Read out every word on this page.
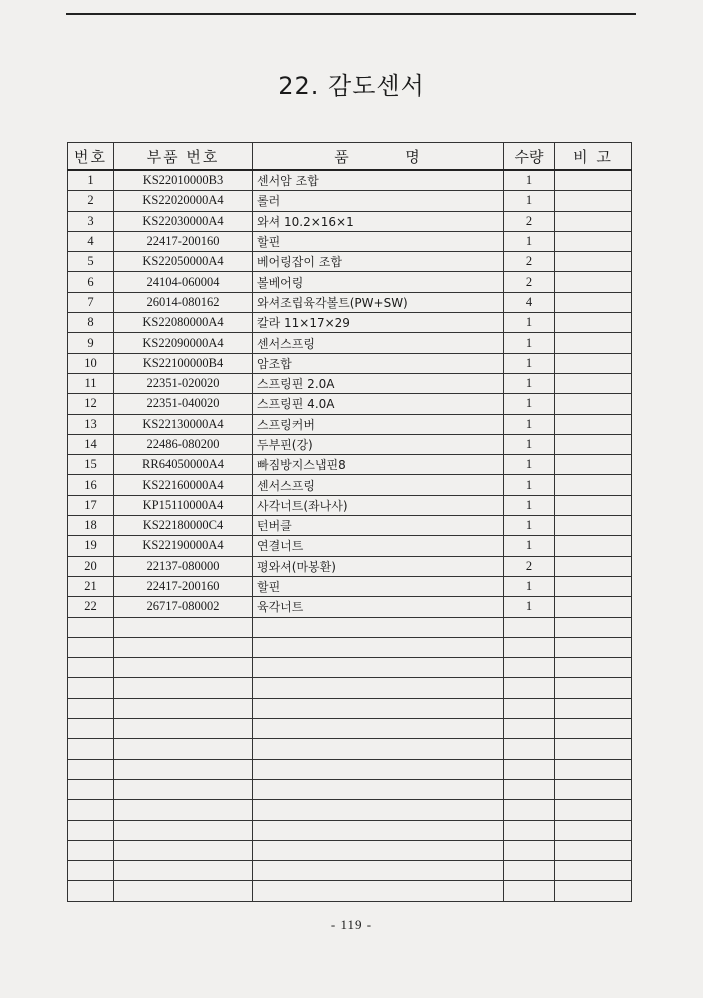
22. 감도센서
번호	부품 번호	품 명	수량	비 고
1	KS22010000B3	센서암 조합	1	
2	KS22020000A4	롤러	1	
3	KS22030000A4	와셔 10.2×16×1	2	
4	22417-200160	할핀	1	
5	KS22050000A4	베어링잡이 조합	2	
6	24104-060004	볼베어링	2	
7	26014-080162	와셔조립육각볼트(PW+SW)	4	
8	KS22080000A4	칼라 11×17×29	1	
9	KS22090000A4	센서스프링	1	
10	KS22100000B4	암조합	1	
11	22351-020020	스프링핀 2.0A	1	
12	22351-040020	스프링핀 4.0A	1	
13	KS22130000A4	스프링커버	1	
14	22486-080200	두부핀(강)	1	
15	RR64050000A4	빠짐방지스냅핀8	1	
16	KS22160000A4	센서스프링	1	
17	KP15110000A4	사각너트(좌나사)	1	
18	KS22180000C4	턴버클	1	
19	KS22190000A4	연결너트	1	
20	22137-080000	평와셔(마봉환)	2	
21	22417-200160	할핀	1	
22	26717-080002	육각너트	1	

- 119 -
